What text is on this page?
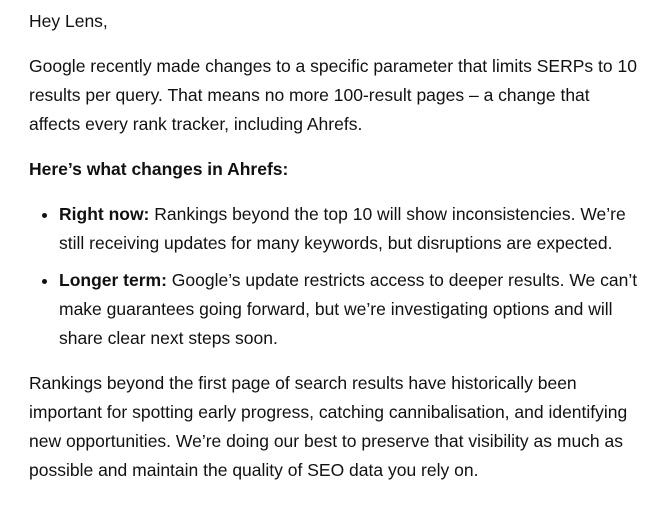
Hey Lens,

Google recently made changes to a specific parameter that limits SERPs to 10 results per query. That means no more 100-result pages – a change that affects every rank tracker, including Ahrefs.

Here’s what changes in Ahrefs:

• Right now: Rankings beyond the top 10 will show inconsistencies. We’re still receiving updates for many keywords, but disruptions are expected.
• Longer term: Google’s update restricts access to deeper results. We can’t make guarantees going forward, but we’re investigating options and will share clear next steps soon.

Rankings beyond the first page of search results have historically been important for spotting early progress, catching cannibalisation, and identifying new opportunities. We’re doing our best to preserve that visibility as much as possible and maintain the quality of SEO data you rely on.
